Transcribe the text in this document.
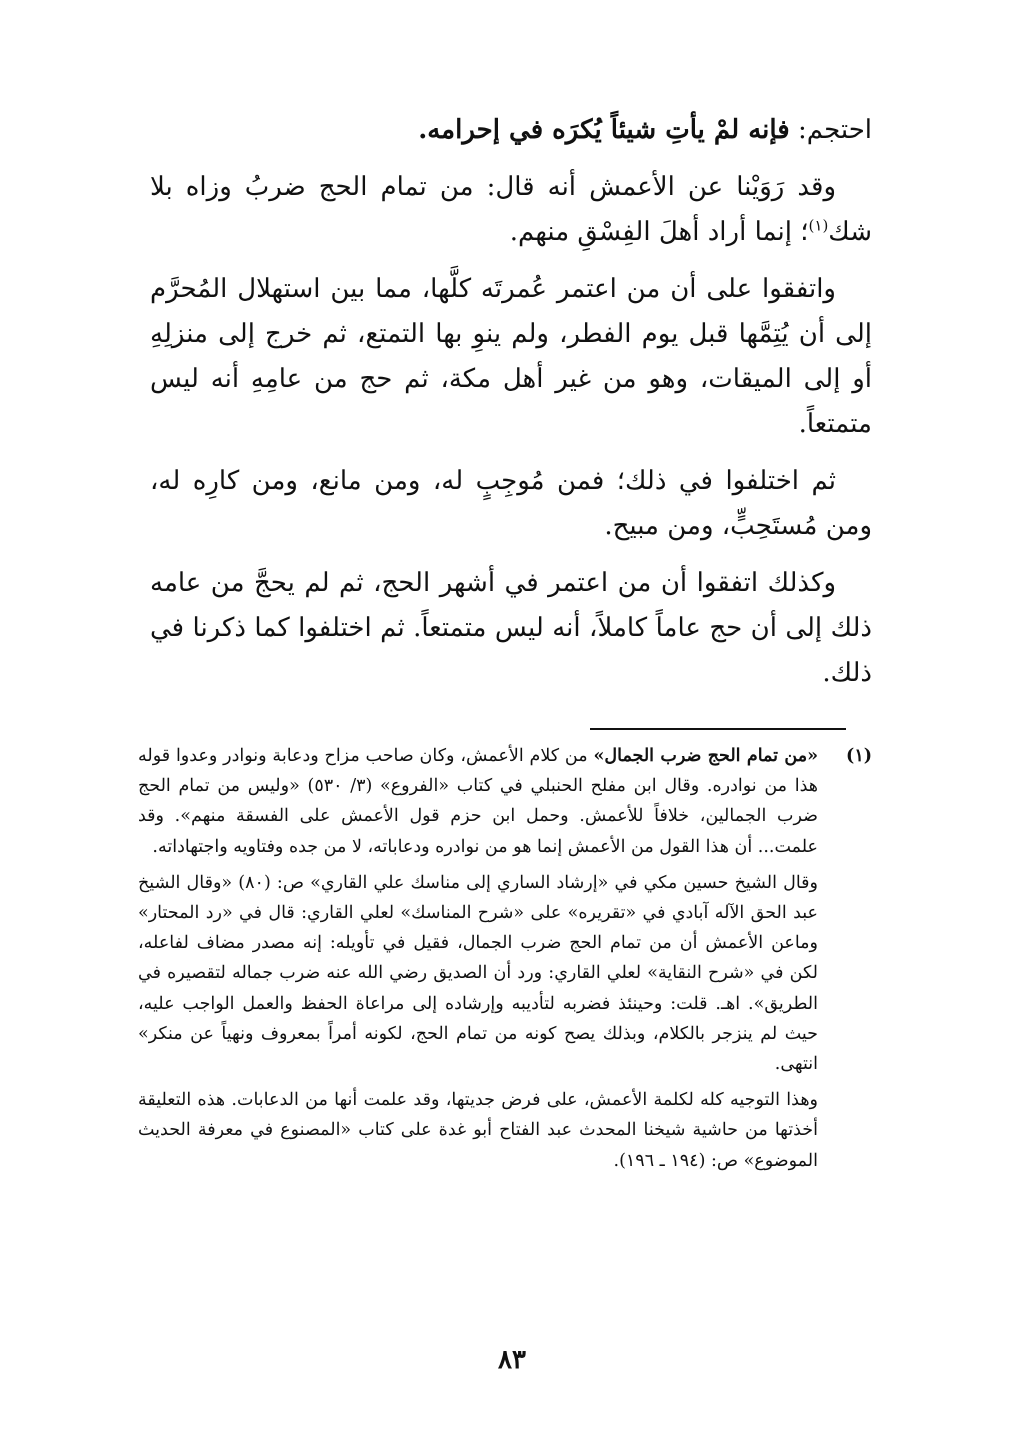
احتجم: فإنه لمْ يأتِ شيئاً يُكرَه في إحرامه.

وقد رَوَيْنا عن الأعمش أنه قال: من تمام الحج ضربُ وزاه بلا شك$^{(١)}$؛ إنما أراد أهلَ الفِسْقِ منهم.

واتفقوا على أن من اعتمر عُمرتَه كلَّها، مما بين استهلال المُحرَّم إلى أن يُتِمَّها قبل يوم الفطر، ولم ينوِ بها التمتع، ثم خرج إلى منزلِهِ أو إلى الميقات، وهو من غير أهل مكة، ثم حج من عامِهِ أنه ليس متمتعاً.

ثم اختلفوا في ذلك؛ فمن مُوجِبٍ له، ومن مانع، ومن كارِه له، ومن مُستَحِبٍّ، ومن مبيح.

وكذلك اتفقوا أن من اعتمر في أشهر الحج، ثم لم يحجَّ من عامه ذلك إلى أن حج عاماً كاملاً، أنه ليس متمتعاً. ثم اختلفوا كما ذكرنا في ذلك.

(١)

«من تمام الحج ضرب الجمال» من كلام الأعمش، وكان صاحب مزاح ودعابة ونوادر وعدوا قوله هذا من نوادره. وقال ابن مفلح الحنبلي في كتاب «الفروع» (٣/ ٥٣٠) «وليس من تمام الحج ضرب الجمالين، خلافاً للأعمش. وحمل ابن حزم قول الأعمش على الفسقة منهم». وقد علمت... أن هذا القول من الأعمش إنما هو من نوادره ودعاباته، لا من جده وفتاويه واجتهاداته.

وقال الشيخ حسين مكي في «إرشاد الساري إلى مناسك علي القاري» ص: (٨٠) «وقال الشيخ عبد الحق الآله آبادي في «تقريره» على «شرح المناسك» لعلي القاري: قال في «رد المحتار» وماعن الأعمش أن من تمام الحج ضرب الجمال، فقيل في تأويله: إنه مصدر مضاف لفاعله، لكن في «شرح النقاية» لعلي القاري: ورد أن الصديق رضي الله عنه ضرب جماله لتقصيره في الطريق». اهـ. قلت: وحينئذ فضربه لتأديبه وإرشاده إلى مراعاة الحفظ والعمل الواجب عليه، حيث لم ينزجر بالكلام، وبذلك يصح كونه من تمام الحج، لكونه أمراً بمعروف ونهياً عن منكر» انتهى.

وهذا التوجيه كله لكلمة الأعمش، على فرض جديتها، وقد علمت أنها من الدعابات. هذه التعليقة أخذتها من حاشية شيخنا المحدث عبد الفتاح أبو غدة على كتاب «المصنوع في معرفة الحديث الموضوع» ص: (١٩٤ ـ ١٩٦).

٨٣
